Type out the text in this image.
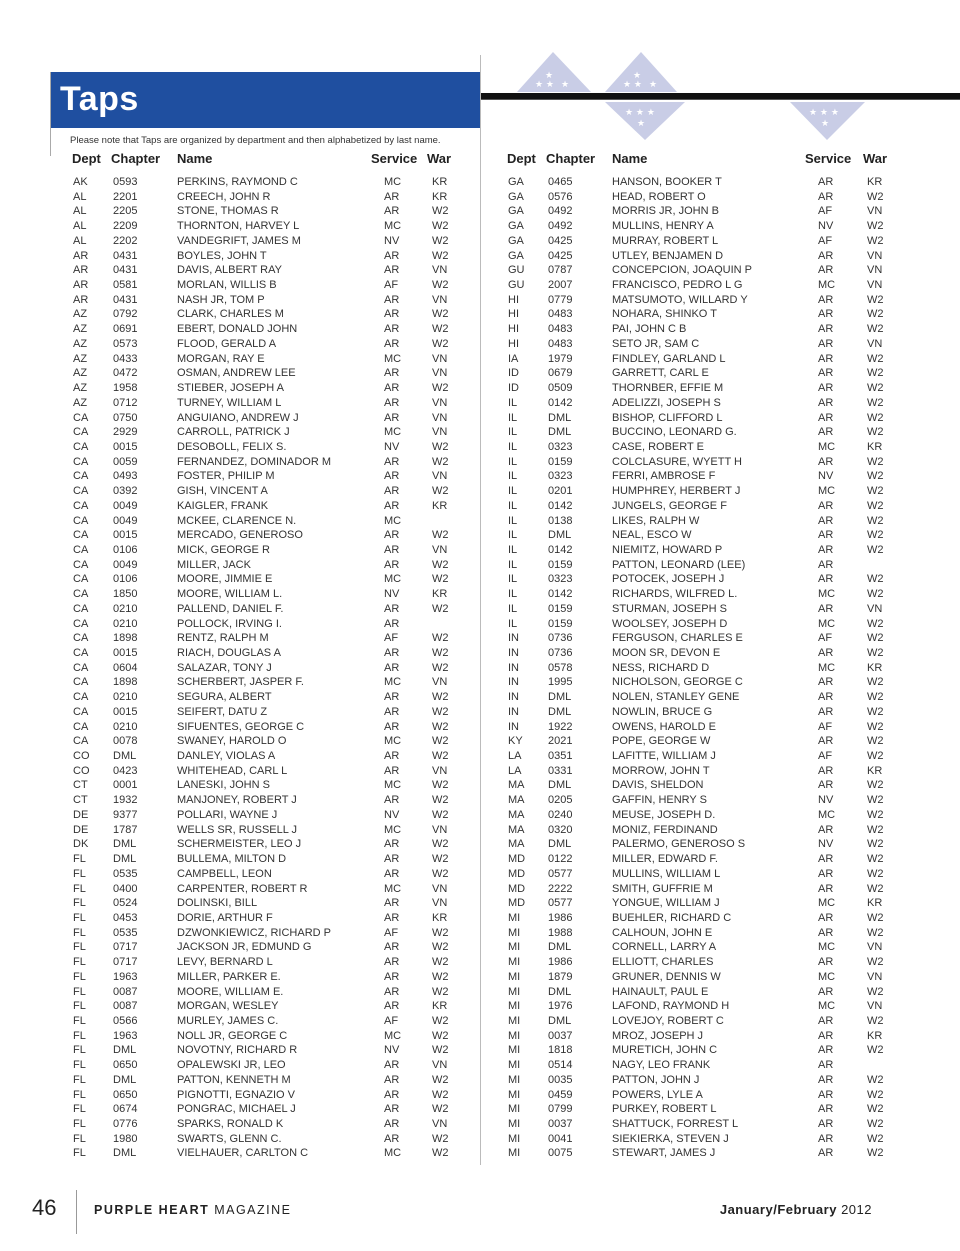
Taps
★
★ ★ ★
★
★ ★ ★
★ ★ ★
★
★ ★ ★
★
Please note that Taps are organized by department and then alphabetized by last name.
Dept Chapter Name	Service War	Dept Chapter Name	Service War
AK 0593	PERKINS, RAYMOND C	MC	KR
AL 2201	CREECH, JOHN R	AR	KR
AL 2205	STONE, THOMAS R	AR	W2
AL 2209	THORNTON, HARVEY L	MC	W2
AL 2202	VANDEGRIFT, JAMES M	NV	W2
AR 0431	BOYLES, JOHN T	AR	W2
AR 0431	DAVIS, ALBERT RAY	AR	VN
AR 0581	MORLAN, WILLIS B	AF	W2
AR 0431	NASH JR, TOM P	AR	VN
AZ 0792	CLARK, CHARLES M	AR	W2
AZ 0691	EBERT, DONALD JOHN	AR	W2
AZ 0573	FLOOD, GERALD A	AR	W2
AZ 0433	MORGAN, RAY E	MC	VN
AZ 0472	OSMAN, ANDREW LEE	AR	VN
AZ 1958	STIEBER, JOSEPH A	AR	W2
AZ 0712	TURNEY, WILLIAM L	AR	VN
CA 0750	ANGUIANO, ANDREW J	AR	VN
CA 2929	CARROLL, PATRICK J	MC	VN
CA 0015	DESOBOLL, FELIX S.	NV	W2
CA 0059	FERNANDEZ, DOMINADOR M	AR	W2
CA 0493	FOSTER, PHILIP M	AR	VN
CA 0392	GISH, VINCENT A	AR	W2
CA 0049	KAIGLER, FRANK	AR	KR
CA 0049	MCKEE, CLARENCE N.	MC
CA 0015	MERCADO, GENEROSO	AR	W2
CA 0106	MICK, GEORGE R	AR	VN
CA 0049	MILLER, JACK	AR	W2
CA 0106	MOORE, JIMMIE E	MC	W2
CA 1850	MOORE, WILLIAM L.	NV	KR
CA 0210	PALLEND, DANIEL F.	AR	W2
CA 0210	POLLOCK, IRVING I.	AR
CA 1898	RENTZ, RALPH M	AF	W2
CA 0015	RIACH, DOUGLAS A	AR	W2
CA 0604	SALAZAR, TONY J	AR	W2
CA 1898	SCHERBERT, JASPER F.	MC	VN
CA 0210	SEGURA, ALBERT	AR	W2
CA 0015	SEIFERT, DATU Z	AR	W2
CA 0210	SIFUENTES, GEORGE C	AR	W2
CA 0078	SWANEY, HAROLD O	MC	W2
CO DML	DANLEY, VIOLAS A	AR	W2
CO 0423	WHITEHEAD, CARL L	AR	VN
CT 0001	LANESKI, JOHN S	MC	W2
CT 1932	MANJONEY, ROBERT J	AR	W2
DE 9377	POLLARI, WAYNE J	NV	W2
DE 1787	WELLS SR, RUSSELL J	MC	VN
DK DML	SCHERMEISTER, LEO J	AR	W2
FL DML	BULLEMA, MILTON D	AR	W2
FL 0535	CAMPBELL, LEON	AR	W2
FL 0400	CARPENTER, ROBERT R	MC	VN
FL 0524	DOLINSKI, BILL	AR	VN
FL 0453	DORIE, ARTHUR F	AR	KR
FL 0535	DZWONKIEWICZ, RICHARD P	AF	W2
FL 0717	JACKSON JR, EDMUND G	AR	W2
FL 0717	LEVY, BERNARD L	AR	W2
FL 1963	MILLER, PARKER E.	AR	W2
FL 0087	MOORE, WILLIAM E.	AR	W2
FL 0087	MORGAN, WESLEY	AR	KR
FL 0566	MURLEY, JAMES C.	AF	W2
FL 1963	NOLL JR, GEORGE C	MC	W2
FL DML	NOVOTNY, RICHARD R	NV	W2
FL 0650	OPALEWSKI JR, LEO	AR	VN
FL DML	PATTON, KENNETH M	AR	W2
FL 0650	PIGNOTTI, EGNAZIO V	AR	W2
FL 0674	PONGRAC, MICHAEL J	AR	W2
FL 0776	SPARKS, RONALD K	AR	VN
FL 1980	SWARTS, GLENN C.	AR	W2
FL DML	VIELHAUER, CARLTON C	MC	W2
GA 0465	HANSON, BOOKER T	AR	KR
GA 0576	HEAD, ROBERT O	AR	W2
GA 0492	MORRIS JR, JOHN B	AF	VN
GA 0492	MULLINS, HENRY A	NV	W2
GA 0425	MURRAY, ROBERT L	AF	W2
GA 0425	UTLEY, BENJAMEN D	AR	VN
GU 0787	CONCEPCION, JOAQUIN P	AR	VN
GU 2007	FRANCISCO, PEDRO L G	MC	VN
HI	0779	MATSUMOTO, WILLARD Y	AR	W2
HI	0483	NOHARA, SHINKO T	AR	W2
HI	0483	PAI, JOHN C B	AR	W2
HI	0483	SETO JR, SAM C	AR	VN
IA	1979	FINDLEY, GARLAND L	AR	W2
ID	0679	GARRETT, CARL E	AR	W2
ID	0509	THORNBER, EFFIE M	AR	W2
IL	0142	ADELIZZI, JOSEPH S	AR	W2
IL	DML	BISHOP, CLIFFORD L	AR	W2
IL	DML	BUCCINO, LEONARD G.	AR	W2
IL	0323	CASE, ROBERT E	MC	KR
IL	0159	COLCLASURE, WYETT H	AR	W2
IL	0323	FERRI, AMBROSE F	NV	W2
IL	0201	HUMPHREY, HERBERT J	MC	W2
IL	0142	JUNGELS, GEORGE F	AR	W2
IL	0138	LIKES, RALPH W	AR	W2
IL	DML	NEAL, ESCO W	AR	W2
IL	0142	NIEMITZ, HOWARD P	AR	W2
IL	0159	PATTON, LEONARD (LEE)	AR
IL	0323	POTOCEK, JOSEPH J	AR	W2
IL	0142	RICHARDS, WILFRED L.	MC	W2
IL	0159	STURMAN, JOSEPH S	AR	VN
IL	0159	WOOLSEY, JOSEPH D	MC	W2
IN	0736	FERGUSON, CHARLES E	AF	W2
IN	0736	MOON SR, DEVON E	AR	W2
IN	0578	NESS, RICHARD D	MC	KR
IN	1995	NICHOLSON, GEORGE C	AR	W2
IN	DML	NOLEN, STANLEY GENE	AR	W2
IN	DML	NOWLIN, BRUCE G	AR	W2
IN	1922	OWENS, HAROLD E	AF	W2
KY 2021	POPE, GEORGE W	AR	W2
LA 0351	LAFITTE, WILLIAM J	AF	W2
LA 0331	MORROW, JOHN T	AR	KR
MA DML	DAVIS, SHELDON	AR	W2
MA 0205	GAFFIN, HENRY S	NV	W2
MA 0240	MEUSE, JOSEPH D.	MC	W2
MA 0320	MONIZ, FERDINAND	AR	W2
MA DML	PALERMO, GENEROSO S	NV	W2
MD 0122	MILLER, EDWARD F.	AR	W2
MD 0577	MULLINS, WILLIAM L	AR	W2
MD 2222	SMITH, GUFFRIE M	AR	W2
MD 0577	YONGUE, WILLIAM J	MC	KR
MI	1986	BUEHLER, RICHARD C	AR	W2
MI	1988	CALHOUN, JOHN E	AR	W2
MI	DML	CORNELL, LARRY A	MC	VN
MI	1986	ELLIOTT, CHARLES	AR	W2
MI	1879	GRUNER, DENNIS W	MC	VN
MI	DML	HAINAULT, PAUL E	AR	W2
MI	1976	LAFOND, RAYMOND H	MC	VN
MI	DML	LOVEJOY, ROBERT C	AR	W2
MI	0037	MROZ, JOSEPH J	AR	KR
MI	1818	MURETICH, JOHN C	AR	W2
MI	0514	NAGY, LEO FRANK	AR
MI	0035	PATTON, JOHN J	AR	W2
MI	0459	POWERS, LYLE A	AR	W2
MI	0799	PURKEY, ROBERT L	AR	W2
MI	0037	SHATTUCK, FORREST L	AR	W2
MI	0041	SIEKIERKA, STEVEN J	AR	W2
MI	0075	STEWART, JAMES J	AR	W2
46	PURPLE HEART MAGAZINE	January/February 2012
